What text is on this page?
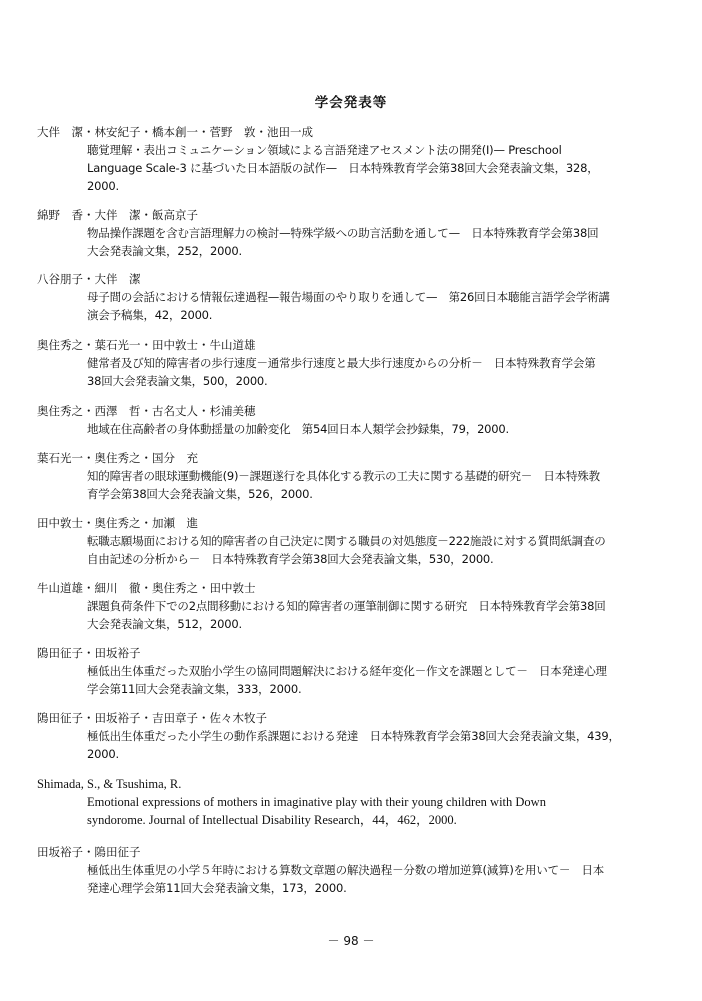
学会発表等
大伴　潔・林安紀子・橋本創一・菅野　敦・池田一成
聴覚理解・表出コミュニケーション領域による言語発達アセスメント法の開発(I)— Preschool
Language Scale-3 に基づいた日本語版の試作—　日本特殊教育学会第38回大会発表論文集，328，
2000.
綿野　香・大伴　潔・飯高京子
物品操作課題を含む言語理解力の検討—特殊学級への助言活動を通して—　日本特殊教育学会第38回
大会発表論文集，252，2000.
八谷朋子・大伴　潔
母子間の会話における情報伝達過程—報告場面のやり取りを通して—　第26回日本聴能言語学会学術講
演会予稿集，42，2000.
奥住秀之・葉石光一・田中敦士・牛山道雄
健常者及び知的障害者の歩行速度－通常歩行速度と最大歩行速度からの分析－　日本特殊教育学会第
38回大会発表論文集，500，2000.
奥住秀之・西澤　哲・古名丈人・杉浦美穂
地域在住高齢者の身体動揺量の加齢変化　第54回日本人類学会抄録集，79，2000.
葉石光一・奥住秀之・国分　充
知的障害者の眼球運動機能(9)－課題遂行を具体化する教示の工夫に関する基礎的研究－　日本特殊教
育学会第38回大会発表論文集，526，2000.
田中敦士・奥住秀之・加瀬　進
転職志願場面における知的障害者の自己決定に関する職員の対処態度－222施設に対する質問紙調査の
自由記述の分析から－　日本特殊教育学会第38回大会発表論文集，530，2000.
牛山道雄・細川　徹・奥住秀之・田中敦士
課題負荷条件下での2点間移動における知的障害者の運筆制御に関する研究　日本特殊教育学会第38回
大会発表論文集，512，2000.
隝田征子・田坂裕子
極低出生体重だった双胎小学生の協同問題解決における経年変化－作文を課題として－　日本発達心理
学会第11回大会発表論文集，333，2000.
隝田征子・田坂裕子・吉田章子・佐々木牧子
極低出生体重だった小学生の動作系課題における発達　日本特殊教育学会第38回大会発表論文集，439，
2000.
Shimada, S., & Tsushima, R.
Emotional expressions of mothers in imaginative play with their young children with Down
syndorome. Journal of Intellectual Disability Research，44，462，2000.
田坂裕子・隝田征子
極低出生体重児の小学５年時における算数文章題の解決過程－分数の増加逆算(減算)を用いて－　日本
発達心理学会第11回大会発表論文集，173，2000.
－ 98 －
